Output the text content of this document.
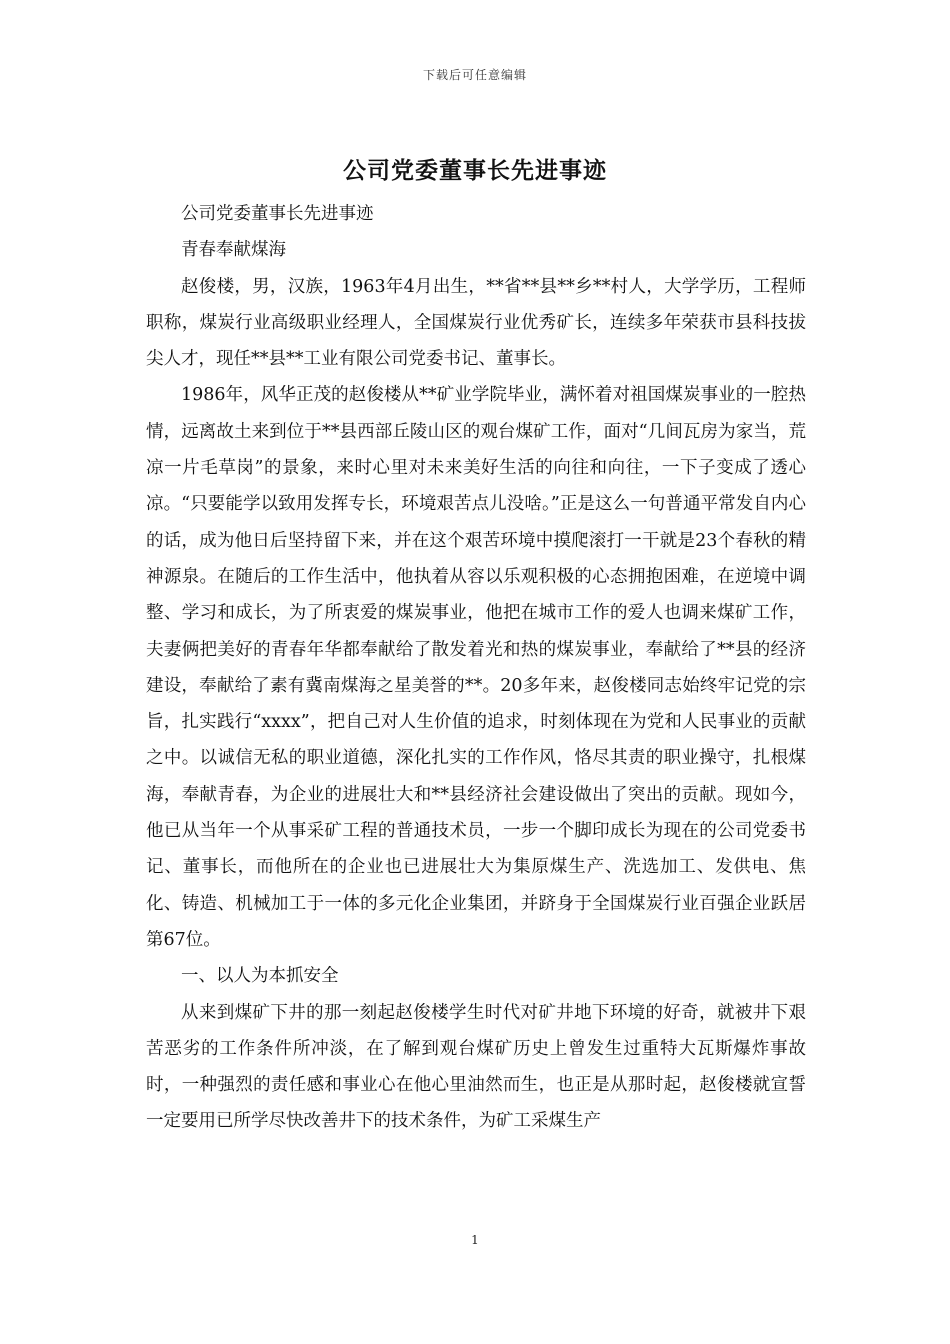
下载后可任意编辑
公司党委董事长先进事迹

公司党委董事长先进事迹

青春奉献煤海

赵俊楼，男，汉族，1963年4月出生，**省**县**乡**村人，大学学历，工程师职称，煤炭行业高级职业经理人，全国煤炭行业优秀矿长，连续多年荣获市县科技拔尖人才，现任**县**工业有限公司党委书记、董事长。

1986年，风华正茂的赵俊楼从**矿业学院毕业，满怀着对祖国煤炭事业的一腔热情，远离故土来到位于**县西部丘陵山区的观台煤矿工作，面对“几间瓦房为家当，荒凉一片毛草岗”的景象，来时心里对未来美好生活的向往和向往，一下子变成了透心凉。“只要能学以致用发挥专长，环境艰苦点儿没啥。”正是这么一句普通平常发自内心的话，成为他日后坚持留下来，并在这个艰苦环境中摸爬滚打一干就是23个春秋的精神源泉。在随后的工作生活中，他执着从容以乐观积极的心态拥抱困难，在逆境中调整、学习和成长，为了所衷爱的煤炭事业，他把在城市工作的爱人也调来煤矿工作，夫妻俩把美好的青春年华都奉献给了散发着光和热的煤炭事业，奉献给了**县的经济建设，奉献给了素有冀南煤海之星美誉的**。20多年来，赵俊楼同志始终牢记党的宗旨，扎实践行“xxxx”，把自己对人生价值的追求，时刻体现在为党和人民事业的贡献之中。以诚信无私的职业道德，深化扎实的工作作风，恪尽其责的职业操守，扎根煤海，奉献青春，为企业的进展壮大和**县经济社会建设做出了突出的贡献。现如今，他已从当年一个从事采矿工程的普通技术员，一步一个脚印成长为现在的公司党委书记、董事长，而他所在的企业也已进展壮大为集原煤生产、洗选加工、发供电、焦化、铸造、机械加工于一体的多元化企业集团，并跻身于全国煤炭行业百强企业跃居第67位。

一、以人为本抓安全

从来到煤矿下井的那一刻起赵俊楼学生时代对矿井地下环境的好奇，就被井下艰苦恶劣的工作条件所冲淡，在了解到观台煤矿历史上曾发生过重特大瓦斯爆炸事故时，一种强烈的责任感和事业心在他心里油然而生，也正是从那时起，赵俊楼就宣誓一定要用已所学尽快改善井下的技术条件，为矿工采煤生产

1
